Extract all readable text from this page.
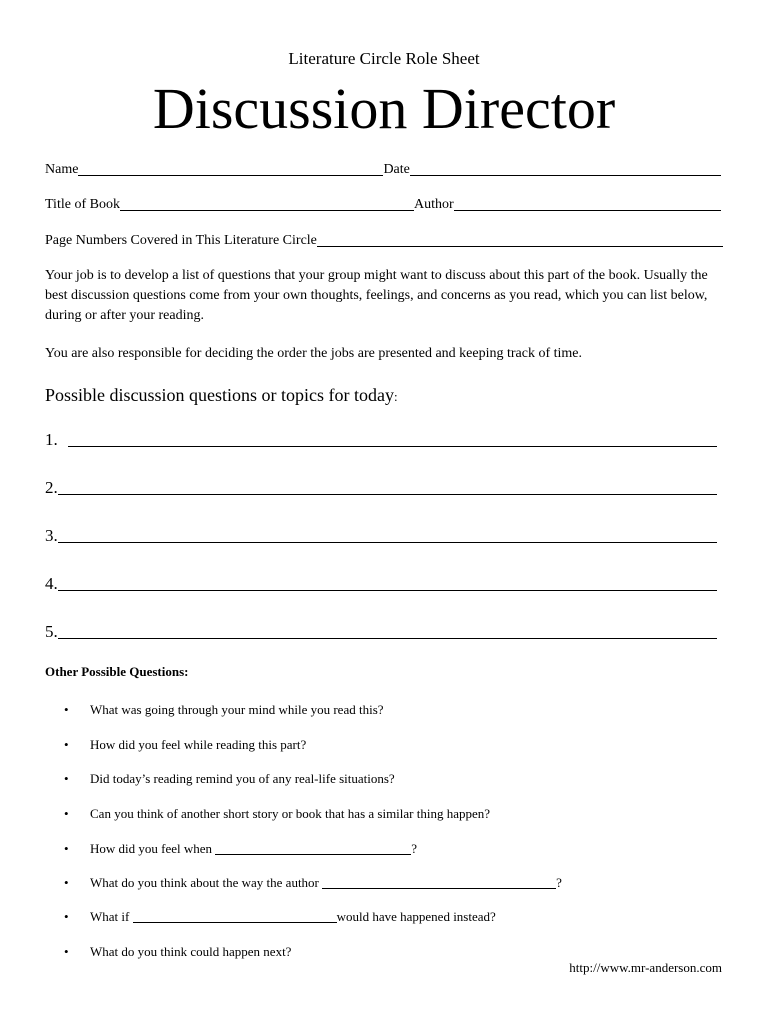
Literature Circle Role Sheet
Discussion Director
Name	Date
Title of Book	Author
Page Numbers Covered in This Literature Circle

Your job is to develop a list of questions that your group might want to discuss about this part of the book. Usually the best discussion questions come from your own thoughts, feelings, and concerns as you read, which you can list below, during or after your reading.

You are also responsible for deciding the order the jobs are presented and keeping track of time.

Possible discussion questions or topics for today:
1.
2.
3.
4.
5.
Other Possible Questions:
•	What was going through your mind while you read this?
•	How did you feel while reading this part?
•	Did today’s reading remind you of any real-life situations?
•	Can you think of another short story or book that has a similar thing happen?
•	How did you feel when	?
•	What do you think about the way the author	?
•	What if	would have happened instead?
•	What do you think could happen next?
http://www.mr-anderson.com
